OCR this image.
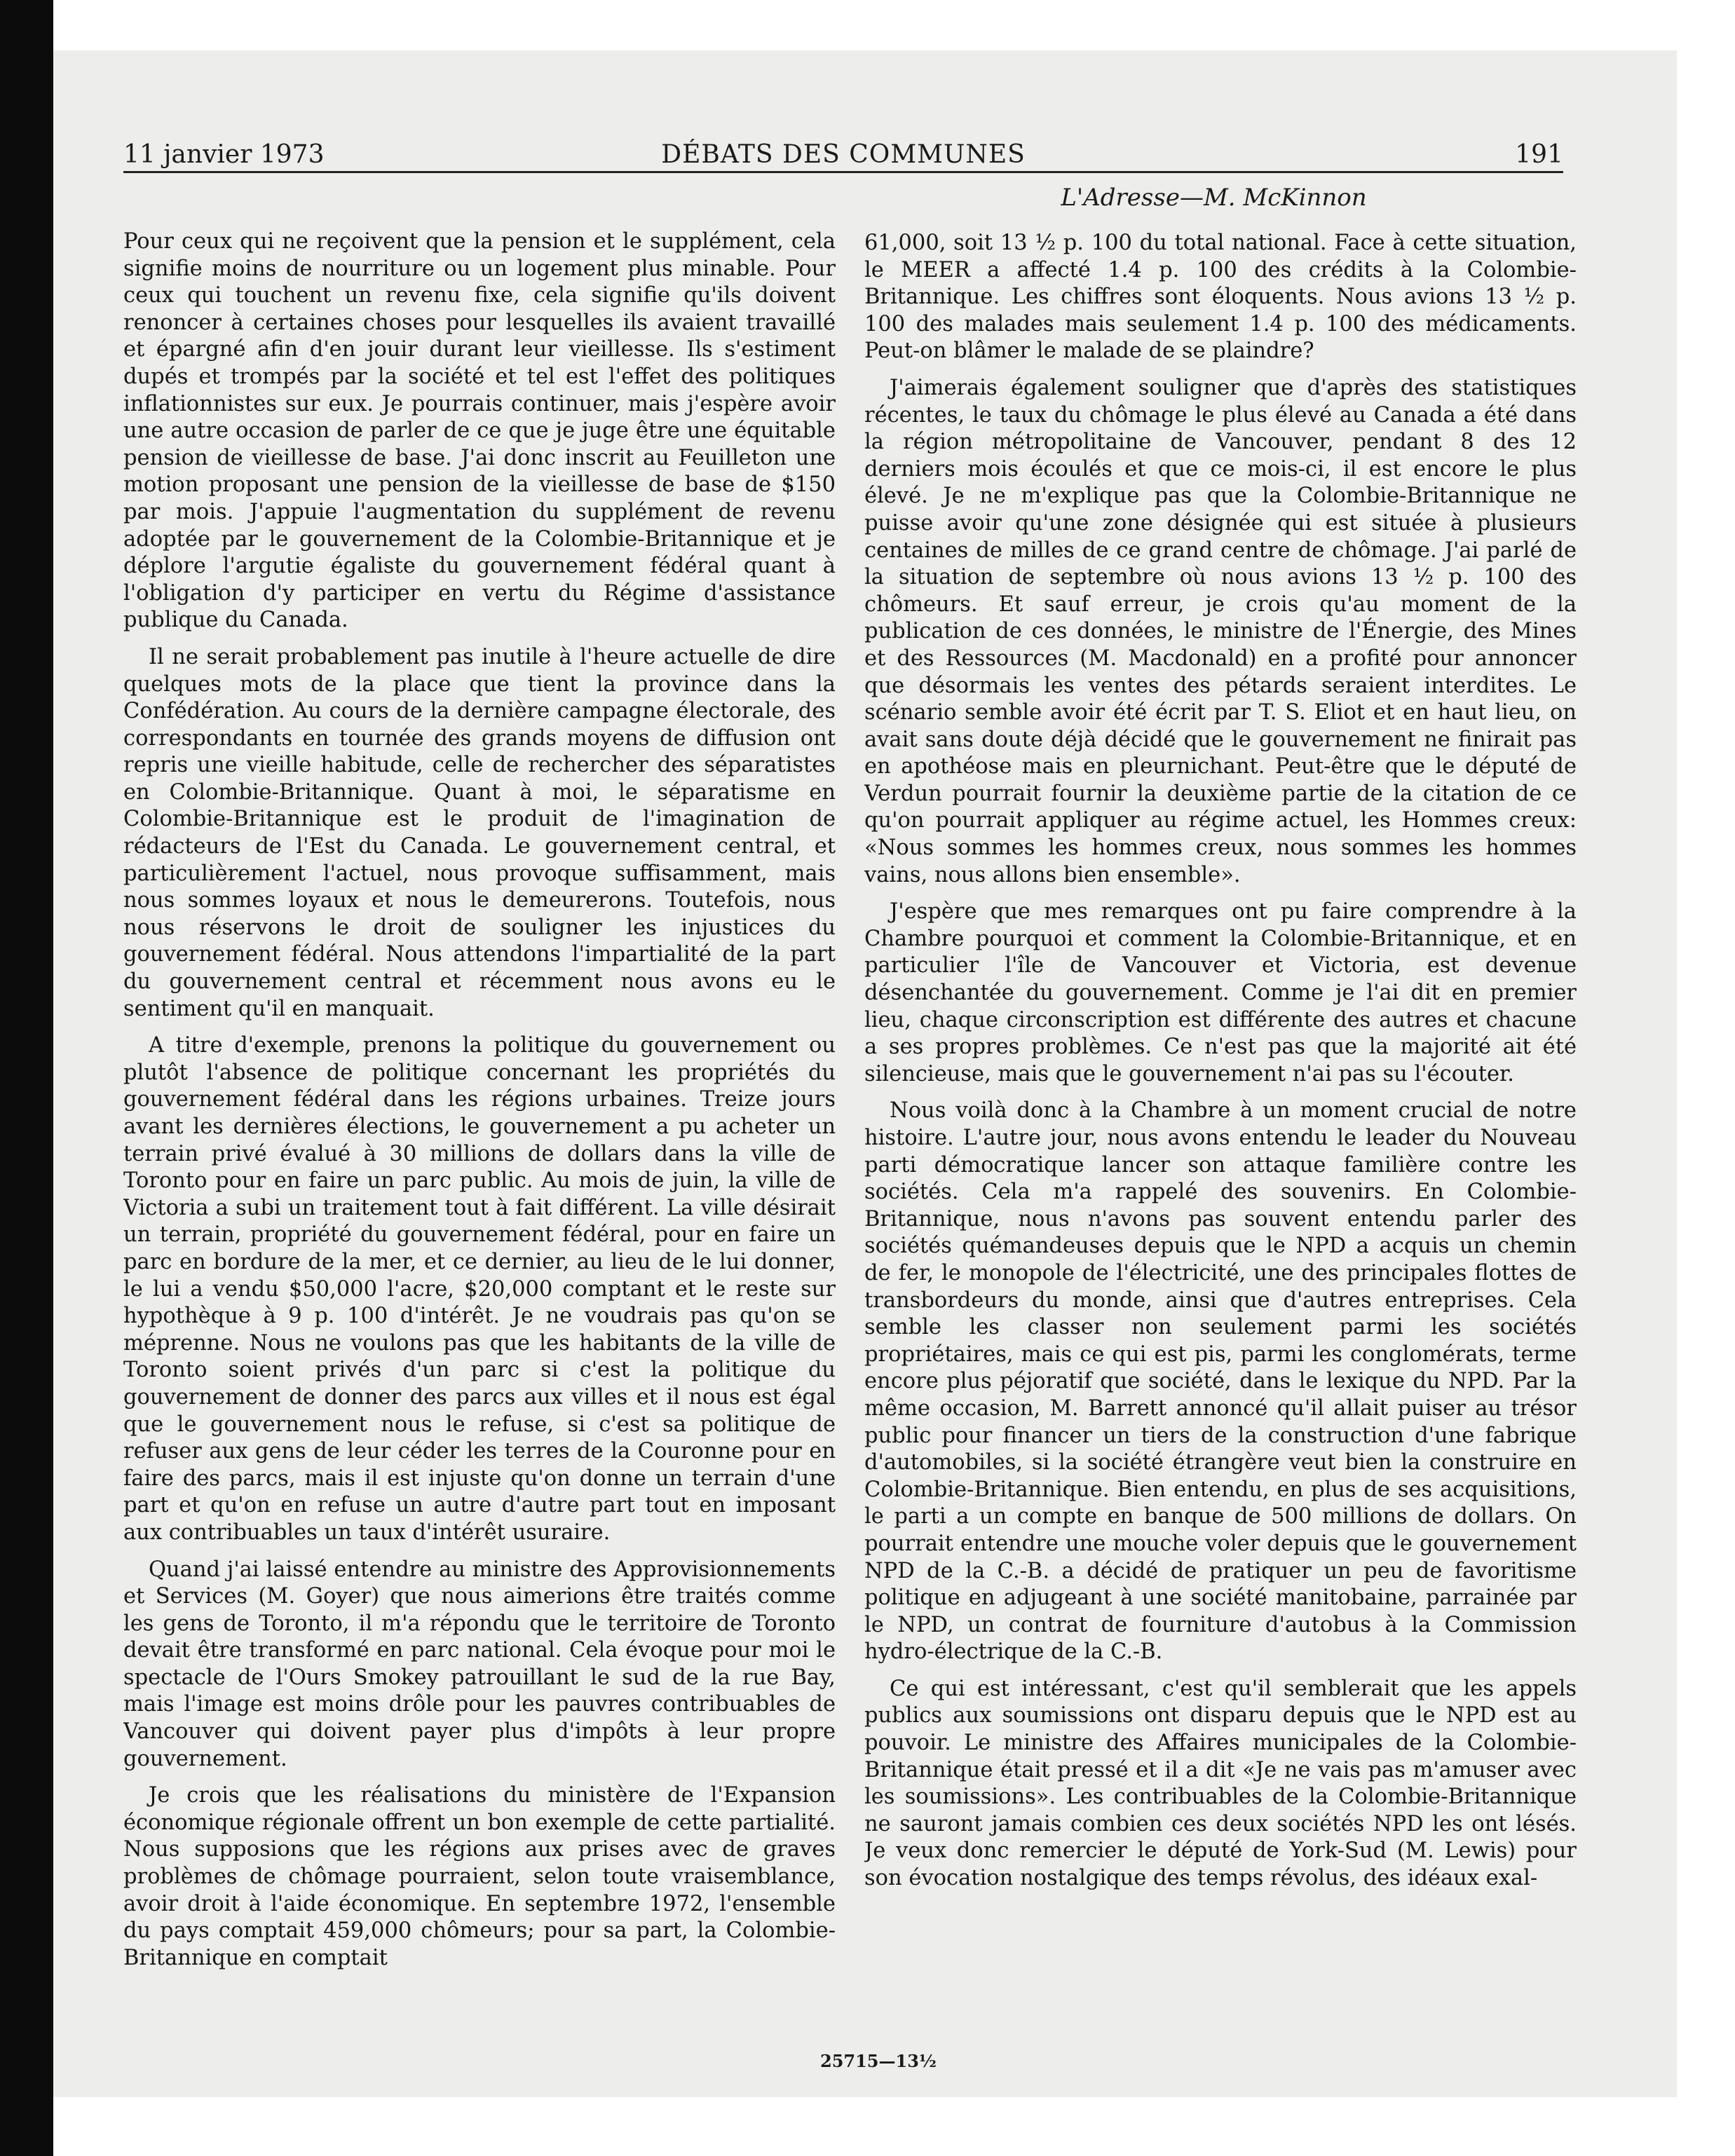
11 janvier 1973	DÉBATS DES COMMUNES	191
L'Adresse—M. McKinnon

Pour ceux qui ne reçoivent que la pension et le supplément, cela signifie moins de nourriture ou un logement plus minable. Pour ceux qui touchent un revenu fixe, cela signifie qu'ils doivent renoncer à certaines choses pour lesquelles ils avaient travaillé et épargné afin d'en jouir durant leur vieillesse. Ils s'estiment dupés et trompés par la société et tel est l'effet des politiques inflationnistes sur eux. Je pourrais continuer, mais j'espère avoir une autre occasion de parler de ce que je juge être une équitable pension de vieillesse de base. J'ai donc inscrit au Feuilleton une motion proposant une pension de la vieillesse de base de $150 par mois. J'appuie l'augmentation du supplément de revenu adoptée par le gouvernement de la Colombie-Britannique et je déplore l'argutie égaliste du gouvernement fédéral quant à l'obligation d'y participer en vertu du Régime d'assistance publique du Canada.

Il ne serait probablement pas inutile à l'heure actuelle de dire quelques mots de la place que tient la province dans la Confédération. Au cours de la dernière campagne électorale, des correspondants en tournée des grands moyens de diffusion ont repris une vieille habitude, celle de rechercher des séparatistes en Colombie-Britannique. Quant à moi, le séparatisme en Colombie-Britannique est le produit de l'imagination de rédacteurs de l'Est du Canada. Le gouvernement central, et particulièrement l'actuel, nous provoque suffisamment, mais nous sommes loyaux et nous le demeurerons. Toutefois, nous nous réservons le droit de souligner les injustices du gouvernement fédéral. Nous attendons l'impartialité de la part du gouvernement central et récemment nous avons eu le sentiment qu'il en manquait.

A titre d'exemple, prenons la politique du gouvernement ou plutôt l'absence de politique concernant les propriétés du gouvernement fédéral dans les régions urbaines. Treize jours avant les dernières élections, le gouvernement a pu acheter un terrain privé évalué à 30 millions de dollars dans la ville de Toronto pour en faire un parc public. Au mois de juin, la ville de Victoria a subi un traitement tout à fait différent. La ville désirait un terrain, propriété du gouvernement fédéral, pour en faire un parc en bordure de la mer, et ce dernier, au lieu de le lui donner, le lui a vendu $50,000 l'acre, $20,000 comptant et le reste sur hypothèque à 9 p. 100 d'intérêt. Je ne voudrais pas qu'on se méprenne. Nous ne voulons pas que les habitants de la ville de Toronto soient privés d'un parc si c'est la politique du gouvernement de donner des parcs aux villes et il nous est égal que le gouvernement nous le refuse, si c'est sa politique de refuser aux gens de leur céder les terres de la Couronne pour en faire des parcs, mais il est injuste qu'on donne un terrain d'une part et qu'on en refuse un autre d'autre part tout en imposant aux contribuables un taux d'intérêt usuraire.

Quand j'ai laissé entendre au ministre des Approvisionnements et Services (M. Goyer) que nous aimerions être traités comme les gens de Toronto, il m'a répondu que le territoire de Toronto devait être transformé en parc national. Cela évoque pour moi le spectacle de l'Ours Smokey patrouillant le sud de la rue Bay, mais l'image est moins drôle pour les pauvres contribuables de Vancouver qui doivent payer plus d'impôts à leur propre gouvernement.

Je crois que les réalisations du ministère de l'Expansion économique régionale offrent un bon exemple de cette partialité. Nous supposions que les régions aux prises avec de graves problèmes de chômage pourraient, selon toute vraisemblance, avoir droit à l'aide économique. En septembre 1972, l'ensemble du pays comptait 459,000 chômeurs; pour sa part, la Colombie-Britannique en comptait

61,000, soit 13 ½ p. 100 du total national. Face à cette situation, le MEER a affecté 1.4 p. 100 des crédits à la Colombie-Britannique. Les chiffres sont éloquents. Nous avions 13 ½ p. 100 des malades mais seulement 1.4 p. 100 des médicaments. Peut-on blâmer le malade de se plaindre?

J'aimerais également souligner que d'après des statistiques récentes, le taux du chômage le plus élevé au Canada a été dans la région métropolitaine de Vancouver, pendant 8 des 12 derniers mois écoulés et que ce mois-ci, il est encore le plus élevé. Je ne m'explique pas que la Colombie-Britannique ne puisse avoir qu'une zone désignée qui est située à plusieurs centaines de milles de ce grand centre de chômage. J'ai parlé de la situation de septembre où nous avions 13 ½ p. 100 des chômeurs. Et sauf erreur, je crois qu'au moment de la publication de ces données, le ministre de l'Énergie, des Mines et des Ressources (M. Macdonald) en a profité pour annoncer que désormais les ventes des pétards seraient interdites. Le scénario semble avoir été écrit par T. S. Eliot et en haut lieu, on avait sans doute déjà décidé que le gouvernement ne finirait pas en apothéose mais en pleurnichant. Peut-être que le député de Verdun pourrait fournir la deuxième partie de la citation de ce qu'on pourrait appliquer au régime actuel, les Hommes creux: «Nous sommes les hommes creux, nous sommes les hommes vains, nous allons bien ensemble».

J'espère que mes remarques ont pu faire comprendre à la Chambre pourquoi et comment la Colombie-Britannique, et en particulier l'île de Vancouver et Victoria, est devenue désenchantée du gouvernement. Comme je l'ai dit en premier lieu, chaque circonscription est différente des autres et chacune a ses propres problèmes. Ce n'est pas que la majorité ait été silencieuse, mais que le gouvernement n'ai pas su l'écouter.

Nous voilà donc à la Chambre à un moment crucial de notre histoire. L'autre jour, nous avons entendu le leader du Nouveau parti démocratique lancer son attaque familière contre les sociétés. Cela m'a rappelé des souvenirs. En Colombie-Britannique, nous n'avons pas souvent entendu parler des sociétés quémandeuses depuis que le NPD a acquis un chemin de fer, le monopole de l'électricité, une des principales flottes de transbordeurs du monde, ainsi que d'autres entreprises. Cela semble les classer non seulement parmi les sociétés propriétaires, mais ce qui est pis, parmi les conglomérats, terme encore plus péjoratif que société, dans le lexique du NPD. Par la même occasion, M. Barrett annoncé qu'il allait puiser au trésor public pour financer un tiers de la construction d'une fabrique d'automobiles, si la société étrangère veut bien la construire en Colombie-Britannique. Bien entendu, en plus de ses acquisitions, le parti a un compte en banque de 500 millions de dollars. On pourrait entendre une mouche voler depuis que le gouvernement NPD de la C.-B. a décidé de pratiquer un peu de favoritisme politique en adjugeant à une société manitobaine, parrainée par le NPD, un contrat de fourniture d'autobus à la Commission hydro-électrique de la C.-B.

Ce qui est intéressant, c'est qu'il semblerait que les appels publics aux soumissions ont disparu depuis que le NPD est au pouvoir. Le ministre des Affaires municipales de la Colombie-Britannique était pressé et il a dit «Je ne vais pas m'amuser avec les soumissions». Les contribuables de la Colombie-Britannique ne sauront jamais combien ces deux sociétés NPD les ont lésés. Je veux donc remercier le député de York-Sud (M. Lewis) pour son évocation nostalgique des temps révolus, des idéaux exal-

25715—13½
